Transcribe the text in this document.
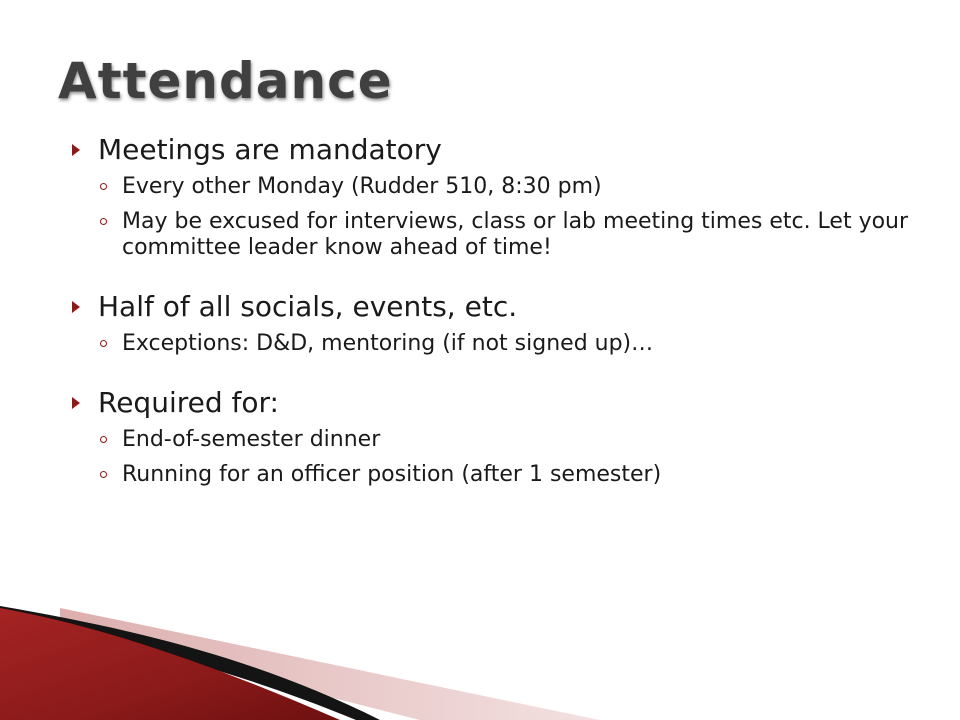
Attendance
Meetings are mandatory
Every other Monday (Rudder 510, 8:30 pm)
May be excused for interviews, class or lab meeting times etc. Let your committee leader know ahead of time!
Half of all socials, events, etc.
Exceptions: D&D, mentoring (if not signed up)…
Required for:
End-of-semester dinner
Running for an officer position (after 1 semester)
